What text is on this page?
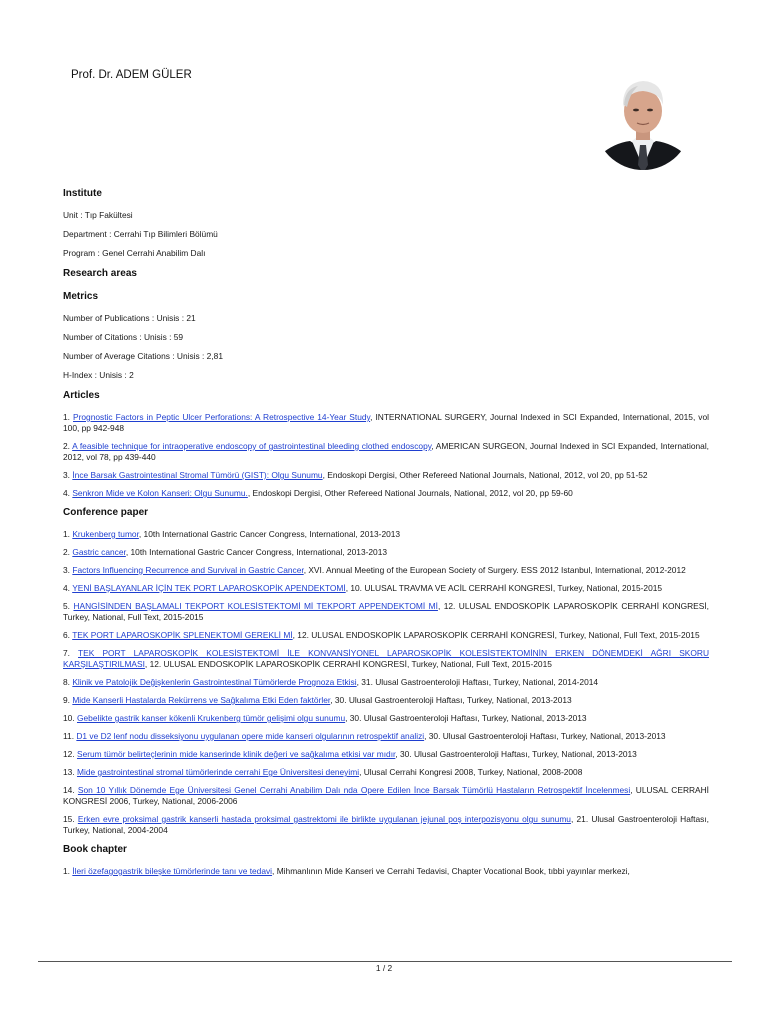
Prof. Dr. ADEM GÜLER
Institute
Unit : Tıp Fakültesi
Department : Cerrahi Tıp Bilimleri Bölümü
Program : Genel Cerrahi Anabilim Dalı
Research areas
Metrics
Number of Publications : Unisis : 21
Number of Citations : Unisis : 59
Number of Average Citations : Unisis : 2,81
H-Index : Unisis : 2
Articles
1. Prognostic Factors in Peptic Ulcer Perforations: A Retrospective 14-Year Study, INTERNATIONAL SURGERY, Journal Indexed in SCI Expanded, International, 2015, vol 100, pp 942-948
2. A feasible technique for intraoperative endoscopy of gastrointestinal bleeding clothed endoscopy, AMERICAN SURGEON, Journal Indexed in SCI Expanded, International, 2012, vol 78, pp 439-440
3. İnce Barsak Gastrointestinal Stromal Tümörü (GIST): Olgu Sunumu, Endoskopi Dergisi, Other Refereed National Journals, National, 2012, vol 20, pp 51-52
4. Senkron Mide ve Kolon Kanseri: Olgu Sunumu., Endoskopi Dergisi, Other Refereed National Journals, National, 2012, vol 20, pp 59-60
Conference paper
1. Krukenberg tumor, 10th International Gastric Cancer Congress, International, 2013-2013
2. Gastric cancer, 10th International Gastric Cancer Congress, International, 2013-2013
3. Factors Influencing Recurrence and Survival in Gastric Cancer, XVI. Annual Meeting of the European Society of Surgery. ESS 2012 Istanbul, International, 2012-2012
4. YENİ BAŞLAYANLAR İÇİN TEK PORT LAPAROSKOPİK APENDEKTOMİ, 10. ULUSAL TRAVMA VE ACİL CERRAHİ KONGRESİ, Turkey, National, 2015-2015
5. HANGİSİNDEN BAŞLAMALI TEKPORT KOLESİSTEKTOMİ Mİ TEKPORT APPENDEKTOMİ Mİ, 12. ULUSAL ENDOSKOPİK LAPAROSKOPİK CERRAHİ KONGRESİ, Turkey, National, Full Text, 2015-2015
6. TEK PORT LAPAROSKOPİK SPLENEKTOMİ GEREKLİ Mİ, 12. ULUSAL ENDOSKOPİK LAPAROSKOPİK CERRAHİ KONGRESİ, Turkey, National, Full Text, 2015-2015
7. TEK PORT LAPAROSKOPİK KOLESİSTEKTOMİ İLE KONVANSİYONEL LAPAROSKOPİK KOLESİSTEKTOMİNİN ERKEN DÖNEMDEKİ AĞRI SKORU KARŞILAŞTIRILMASI, 12. ULUSAL ENDOSKOPİK LAPAROSKOPİK CERRAHİ KONGRESİ, Turkey, National, Full Text, 2015-2015
8. Klinik ve Patolojik Değişkenlerin Gastrointestinal Tümörlerde Prognoza Etkisi, 31. Ulusal Gastroenteroloji Haftası, Turkey, National, 2014-2014
9. Mide Kanserli Hastalarda Rekürrens ve Sağkalıma Etki Eden faktörler, 30. Ulusal Gastroenteroloji Haftası, Turkey, National, 2013-2013
10. Gebelikte gastrik kanser kökenli Krukenberg tümör gelişimi olgu sunumu, 30. Ulusal Gastroenteroloji Haftası, Turkey, National, 2013-2013
11. D1 ve D2 lenf nodu disseksiyonu uygulanan opere mide kanseri olgularının retrospektif analizi, 30. Ulusal Gastroenteroloji Haftası, Turkey, National, 2013-2013
12. Serum tümör belirteçlerinin mide kanserinde klinik değeri ve sağkalıma etkisi var mıdır, 30. Ulusal Gastroenteroloji Haftası, Turkey, National, 2013-2013
13. Mide gastrointestinal stromal tümörlerinde cerrahi Ege Üniversitesi deneyimi, Ulusal Cerrahi Kongresi 2008, Turkey, National, 2008-2008
14. Son 10 Yıllık Dönemde Ege Üniversitesi Genel Cerrahi Anabilim Dalı nda Opere Edilen İnce Barsak Tümörlü Hastaların Retrospektif İncelenmesi, ULUSAL CERRAHİ KONGRESİ 2006, Turkey, National, 2006-2006
15. Erken evre proksimal gastrik kanserli hastada proksimal gastrektomi ile birlikte uygulanan jejunal poş interpozisyonu olgu sunumu, 21. Ulusal Gastroenteroloji Haftası, Turkey, National, 2004-2004
Book chapter
1. İleri özefagogastrik bileşke tümörlerinde tanı ve tedavi, Mihmanlının Mide Kanseri ve Cerrahi Tedavisi, Chapter Vocational Book, tıbbi yayınlar merkezi,
1 / 2
